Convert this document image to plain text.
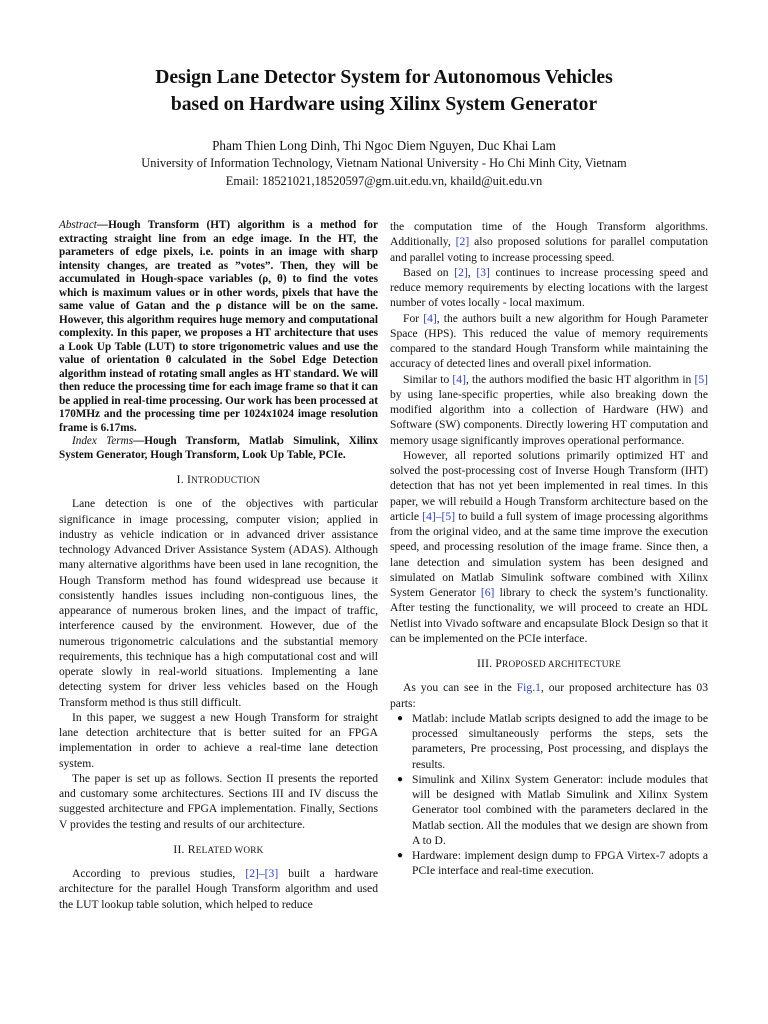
Design Lane Detector System for Autonomous Vehicles
based on Hardware using Xilinx System Generator
Pham Thien Long Dinh, Thi Ngoc Diem Nguyen, Duc Khai Lam
University of Information Technology, Vietnam National University - Ho Chi Minh City, Vietnam
Email: 18521021,18520597@gm.uit.edu.vn, khaild@uit.edu.vn

Abstract—Hough Transform (HT) algorithm is a method for extracting straight line from an edge image. In the HT, the parameters of edge pixels, i.e. points in an image with sharp intensity changes, are treated as ”votes”. Then, they will be accumulated in Hough-space variables (ρ, θ) to find the votes which is maximum values or in other words, pixels that have the same value of Gatan and the ρ distance will be on the same. However, this algorithm requires huge memory and computational complexity. In this paper, we proposes a HT architecture that uses a Look Up Table (LUT) to store trigonometric values and use the value of orientation θ calculated in the Sobel Edge Detection algorithm instead of rotating small angles as HT standard. We will then reduce the processing time for each image frame so that it can be applied in real-time processing. Our work has been processed at 170MHz and the processing time per 1024x1024 image resolution frame is 6.17ms.

Index Terms—Hough Transform, Matlab Simulink, Xilinx System Generator, Hough Transform, Look Up Table, PCIe.

I. INTRODUCTION

Lane detection is one of the objectives with particular significance in image processing, computer vision; applied in industry as vehicle indication or in advanced driver assistance technology Advanced Driver Assistance System (ADAS). Although many alternative algorithms have been used in lane recognition, the Hough Transform method has found widespread use because it consistently handles issues including non-contiguous lines, the appearance of numerous broken lines, and the impact of traffic, interference caused by the environment. However, due of the numerous trigonometric calculations and the substantial memory requirements, this technique has a high computational cost and will operate slowly in real-world situations. Implementing a lane detecting system for driver less vehicles based on the Hough Transform method is thus still difficult.

In this paper, we suggest a new Hough Transform for straight lane detection architecture that is better suited for an FPGA implementation in order to achieve a real-time lane detection system.

The paper is set up as follows. Section II presents the reported and customary some architectures. Sections III and IV discuss the suggested architecture and FPGA implementation. Finally, Sections V provides the testing and results of our architecture.

II. RELATED WORK

According to previous studies, [2]–[3] built a hardware architecture for the parallel Hough Transform algorithm and used the LUT lookup table solution, which helped to reduce

the computation time of the Hough Transform algorithms. Additionally, [2] also proposed solutions for parallel computation and parallel voting to increase processing speed.

Based on [2], [3] continues to increase processing speed and reduce memory requirements by electing locations with the largest number of votes locally - local maximum.

For [4], the authors built a new algorithm for Hough Parameter Space (HPS). This reduced the value of memory requirements compared to the standard Hough Transform while maintaining the accuracy of detected lines and overall pixel information.

Similar to [4], the authors modified the basic HT algorithm in [5] by using lane-specific properties, while also breaking down the modified algorithm into a collection of Hardware (HW) and Software (SW) components. Directly lowering HT computation and memory usage significantly improves operational performance.

However, all reported solutions primarily optimized HT and solved the post-processing cost of Inverse Hough Transform (IHT) detection that has not yet been implemented in real times. In this paper, we will rebuild a Hough Transform architecture based on the article [4]–[5] to build a full system of image processing algorithms from the original video, and at the same time improve the execution speed, and processing resolution of the image frame. Since then, a lane detection and simulation system has been designed and simulated on Matlab Simulink software combined with Xilinx System Generator [6] library to check the system’s functionality. After testing the functionality, we will proceed to create an HDL Netlist into Vivado software and encapsulate Block Design so that it can be implemented on the PCIe interface.

III. PROPOSED ARCHITECTURE

As you can see in the Fig.1, our proposed architecture has 03 parts:

● Matlab: include Matlab scripts designed to add the image to be processed simultaneously performs the steps, sets the parameters, Pre processing, Post processing, and displays the results.
● Simulink and Xilinx System Generator: include modules that will be designed with Matlab Simulink and Xilinx System Generator tool combined with the parameters declared in the Matlab section. All the modules that we design are shown from A to D.
● Hardware: implement design dump to FPGA Virtex-7 adopts a PCIe interface and real-time execution.
